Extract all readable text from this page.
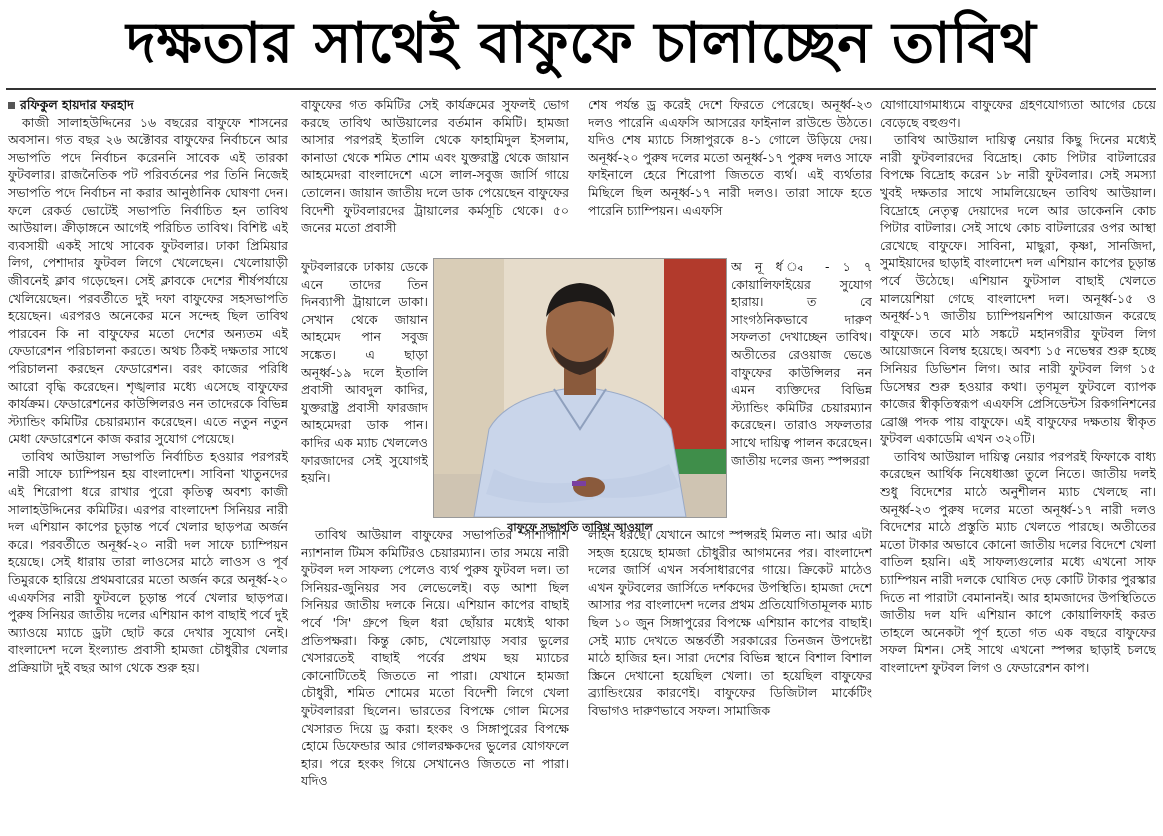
দক্ষতার সাথেই বাফুফে চালাচ্ছেন তাবিথ

রফিকুল হায়দার ফরহাদ

কাজী সালাহউদ্দিনের ১৬ বছরের বাফুফে শাসনের অবসান। গত বছর ২৬ অক্টোবর বাফুফের নির্বাচনে আর সভাপতি পদে নির্বাচন করেননি সাবেক এই তারকা ফুটবলার। রাজনৈতিক পট পরিবর্তনের পর তিনি নিজেই সভাপতি পদে নির্বাচন না করার আনুষ্ঠানিক ঘোষণা দেন। ফলে রেকর্ড ভোটেই সভাপতি নির্বাচিত হন তাবিথ আউয়াল। ক্রীড়াঙ্গনে আগেই পরিচিত তাবিথ। বিশিষ্ট এই ব্যবসায়ী একই সাথে সাবেক ফুটবলার। ঢাকা প্রিমিয়ার লিগ, পেশাদার ফুটবল লিগে খেলেছেন। খেলোয়াড়ী জীবনেই ক্লাব গড়েছেন। সেই ক্লাবকে দেশের শীর্ষপর্যায়ে খেলিয়েছেন। পরবর্তীতে দুই দফা বাফুফের সহসভাপতি হয়েছেন। এরপরও অনেকের মনে সন্দেহ ছিল তাবিথ পারবেন কি না বাফুফের মতো দেশের অন্যতম এই ফেডারেশন পরিচালনা করতে। অথচ ঠিকই দক্ষতার সাথে পরিচালনা করছেন ফেডারেশন। বরং কাজের পরিধি আরো বৃদ্ধি করেছেন। শৃঙ্খলার মধ্যে এসেছে বাফুফের কার্যক্রম। ফেডারেশনের কাউন্সিলরও নন তাদেরকে বিভিন্ন স্ট্যান্ডিং কমিটির চেয়ারম্যান করেছেন। এতে নতুন নতুন মেধা ফেডারেশনে কাজ করার সুযোগ পেয়েছে।

তাবিথ আউয়াল সভাপতি নির্বাচিত হওয়ার পরপরই নারী সাফে চ্যাম্পিয়ন হয় বাংলাদেশ। সাবিনা খাতুনদের এই শিরোপা ধরে রাখার পুরো কৃতিত্ব অবশ্য কাজী সালাহউদ্দিনের কমিটির। এরপর বাংলাদেশ সিনিয়র নারী দল এশিয়ান কাপের চূড়ান্ত পর্বে খেলার ছাড়পত্র অর্জন করে। পরবর্তীতে অনূর্ধ্ব-২০ নারী দল সাফে চ্যাম্পিয়ন হয়েছে। সেই ধারায় তারা লাওসের মাঠে লাওস ও পূর্ব তিমুরকে হারিয়ে প্রথমবারের মতো অর্জন করে অনূর্ধ্ব-২০ এএফসির নারী ফুটবলে চূড়ান্ত পর্বে খেলার ছাড়পত্র। পুরুষ সিনিয়র জাতীয় দলের এশিয়ান কাপ বাছাই পর্বে দুই অ্যাওয়ে ম্যাচে ড্রটা ছোট করে দেখার সুযোগ নেই। বাংলাদেশ দলে ইংল্যান্ড প্রবাসী হামজা চৌধুরীর খেলার প্রক্রিয়াটা দুই বছর আগ থেকে শুরু হয়।

বাফুফের গত কমিটির সেই কার্যক্রমের সুফলই ভোগ করছে তাবিথ আউয়ালের বর্তমান কমিটি। হামজা আসার পরপরই ইতালি থেকে ফাহামিদুল ইসলাম, কানাডা থেকে শমিত শোম এবং যুক্তরাষ্ট্র থেকে জায়ান আহমেদরা বাংলাদেশে এসে লাল-সবুজ জার্সি গায়ে তোলেন। জায়ান জাতীয় দলে ডাক পেয়েছেন বাফুফের বিদেশী ফুটবলারদের ট্রায়ালের কর্মসূচি থেকে। ৫০ জনের মতো প্রবাসী

শেষ পর্যন্ত ড্র করেই দেশে ফিরতে পেরেছে। অনূর্ধ্ব-২৩ দলও পারেনি এএফসি আসরের ফাইনাল রাউন্ডে উঠতে। যদিও শেষ ম্যাচে সিঙ্গাপুরকে ৪-১ গোলে উড়িয়ে দেয়। অনূর্ধ্ব-২০ পুরুষ দলের মতো অনূর্ধ্ব-১৭ পুরুষ দলও সাফে ফাইনালে হেরে শিরোপা জিততে ব্যর্থ। এই ব্যর্থতার মিছিলে ছিল অনূর্ধ্ব-১৭ নারী দলও। তারা সাফে হতে পারেনি চ্যাম্পিয়ন। এএফসি

ফুটবলারকে ঢাকায় ডেকে এনে তাদের তিন দিনব্যাপী ট্রায়ালে ডাকা। সেখান থেকে জায়ান আহমেদ পান সবুজ সঙ্কেত। এ ছাড়া অনূর্ধ্ব-১৯ দলে ইতালি প্রবাসী আবদুল কাদির, যুক্তরাষ্ট্র প্রবাসী ফারজাদ আহমেদরা ডাক পান। কাদির এক ম্যাচ খেললেও ফারজাদের সেই সুযোগই হয়নি।

বাফুফে সভাপতি তাবিথ আওয়াল

অ নূ র্ধ ্ব - ১ ৭ কোয়ালিফাইয়ের সুযোগ হারায়। ত বে সাংগঠনিকভাবে দারুণ সফলতা দেখাচ্ছেন তাবিথ। অতীতের রেওয়াজ ভেঙে বাফুফের কাউন্সিলর নন এমন ব্যক্তিদের বিভিন্ন স্ট্যান্ডিং কমিটির চেয়ারম্যান করেছেন। তারাও সফলতার সাথে দায়িত্ব পালন করেছেন। জাতীয় দলের জন্য স্পন্সররা

তাবিথ আউয়াল বাফুফের সভাপতির পাশাপাশি ন্যাশনাল টিমস কমিটিরও চেয়ারম্যান। তার সময়ে নারী ফুটবল দল সাফল্য পেলেও ব্যর্থ পুরুষ ফুটবল দল। তা সিনিয়র-জুনিয়র সব লেভেলেই। বড় আশা ছিল সিনিয়র জাতীয় দলকে নিয়ে। এশিয়ান কাপের বাছাই পর্বে 'সি' গ্রুপে ছিল ধরা ছোঁয়ার মধ্যেই থাকা প্রতিপক্ষরা। কিন্তু কোচ, খেলোয়াড় সবার ভুলের খেসারতেই বাছাই পর্বের প্রথম ছয় ম্যাচের কোনোটিতেই জিততে না পারা। যেখানে হামজা চৌধুরী, শমিত শোমের মতো বিদেশী লিগে খেলা ফুটবলাররা ছিলেন। ভারতের বিপক্ষে গোল মিসের খেসারত দিয়ে ড্র করা। হংকং ও সিঙ্গাপুরের বিপক্ষে হোমে ডিফেন্ডার আর গোলরক্ষকদের ভুলের যোগফলে হার। পরে হংকং গিয়ে সেখানেও জিততে না পারা। যদিও

লাইন ধরছে। যেখানে আগে স্পন্সরই মিলত না। আর এটা সহজ হয়েছে হামজা চৌধুরীর আগমনের পর। বাংলাদেশ দলের জার্সি এখন সর্বসাধারণের গায়ে। ক্রিকেট মাঠেও এখন ফুটবলের জার্সিতে দর্শকদের উপস্থিতি। হামজা দেশে আসার পর বাংলাদেশ দলের প্রথম প্রতিযোগিতামূলক ম্যাচ ছিল ১০ জুন সিঙ্গাপুরের বিপক্ষে এশিয়ান কাপের বাছাই। সেই ম্যাচ দেখতে অন্তর্বর্তী সরকারের তিনজন উপদেষ্টা মাঠে হাজির হন। সারা দেশের বিভিন্ন স্থানে বিশাল বিশাল স্ক্রিনে দেখানো হয়েছিল খেলা। তা হয়েছিল বাফুফের ব্র্যান্ডিংয়ের কারণেই। বাফুফের ডিজিটাল মার্কেটিং বিভাগও দারুণভাবে সফল। সামাজিক

যোগাযোগমাধ্যমে বাফুফের গ্রহণযোগ্যতা আগের চেয়ে বেড়েছে বহুগুণ।

তাবিথ আউয়াল দায়িত্ব নেয়ার কিছু দিনের মধ্যেই নারী ফুটবলারদের বিদ্রোহ। কোচ পিটার বাটলারের বিপক্ষে বিদ্রোহ করেন ১৮ নারী ফুটবলার। সেই সমস্যা খুবই দক্ষতার সাথে সামলিয়েছেন তাবিথ আউয়াল। বিদ্রোহে নেতৃত্ব দেয়াদের দলে আর ডাকেননি কোচ পিটার বাটলার। সেই সাথে কোচ বাটলারের ওপর আস্থা রেখেছে বাফুফে। সাবিনা, মাছুরা, কৃষ্ণা, সানজিদা, সুমাইয়াদের ছাড়াই বাংলাদেশ দল এশিয়ান কাপের চূড়ান্ত পর্বে উঠেছে। এশিয়ান ফুটসাল বাছাই খেলতে মালয়েশিয়া গেছে বাংলাদেশ দল। অনূর্ধ্ব-১৫ ও অনূর্ধ্ব-১৭ জাতীয় চ্যাম্পিয়নশিপ আয়োজন করেছে বাফুফে। তবে মাঠ সঙ্কটে মহানগরীর ফুটবল লিগ আয়োজনে বিলম্ব হয়েছে। অবশ্য ১৫ নভেম্বর শুরু হচ্ছে সিনিয়র ডিভিশন লিগ। আর নারী ফুটবল লিগ ১৫ ডিসেম্বর শুরু হওয়ার কথা। তৃণমূল ফুটবলে ব্যাপক কাজের স্বীকৃতিস্বরূপ এএফসি প্রেসিডেন্টস রিকগনিশনের ব্রোঞ্জ পদক পায় বাফুফে। এই বাফুফের দক্ষতায় স্বীকৃত ফুটবল একাডেমি এখন ৩২০টি।

তাবিথ আউয়াল দায়িত্ব নেয়ার পরপরই ফিফাকে বাধ্য করেছেন আর্থিক নিষেধাজ্ঞা তুলে নিতে। জাতীয় দলই শুধু বিদেশের মাঠে অনুশীলন ম্যাচ খেলছে না। অনূর্ধ্ব-২৩ পুরুষ দলের মতো অনূর্ধ্ব-১৭ নারী দলও বিদেশের মাঠে প্রস্তুতি ম্যাচ খেলতে পারছে। অতীতের মতো টাকার অভাবে কোনো জাতীয় দলের বিদেশে খেলা বাতিল হয়নি। এই সাফল্যগুলোর মধ্যে এখনো সাফ চ্যাম্পিয়ন নারী দলকে ঘোষিত দেড় কোটি টাকার পুরস্কার দিতে না পারাটা বেমানানই। আর হামজাদের উপস্থিতিতে জাতীয় দল যদি এশিয়ান কাপে কোয়ালিফাই করত তাহলে অনেকটা পূর্ণ হতো গত এক বছরে বাফুফের সফল মিশন। সেই সাথে এখনো স্পন্সর ছাড়াই চলছে বাংলাদেশ ফুটবল লিগ ও ফেডারেশন কাপ।
